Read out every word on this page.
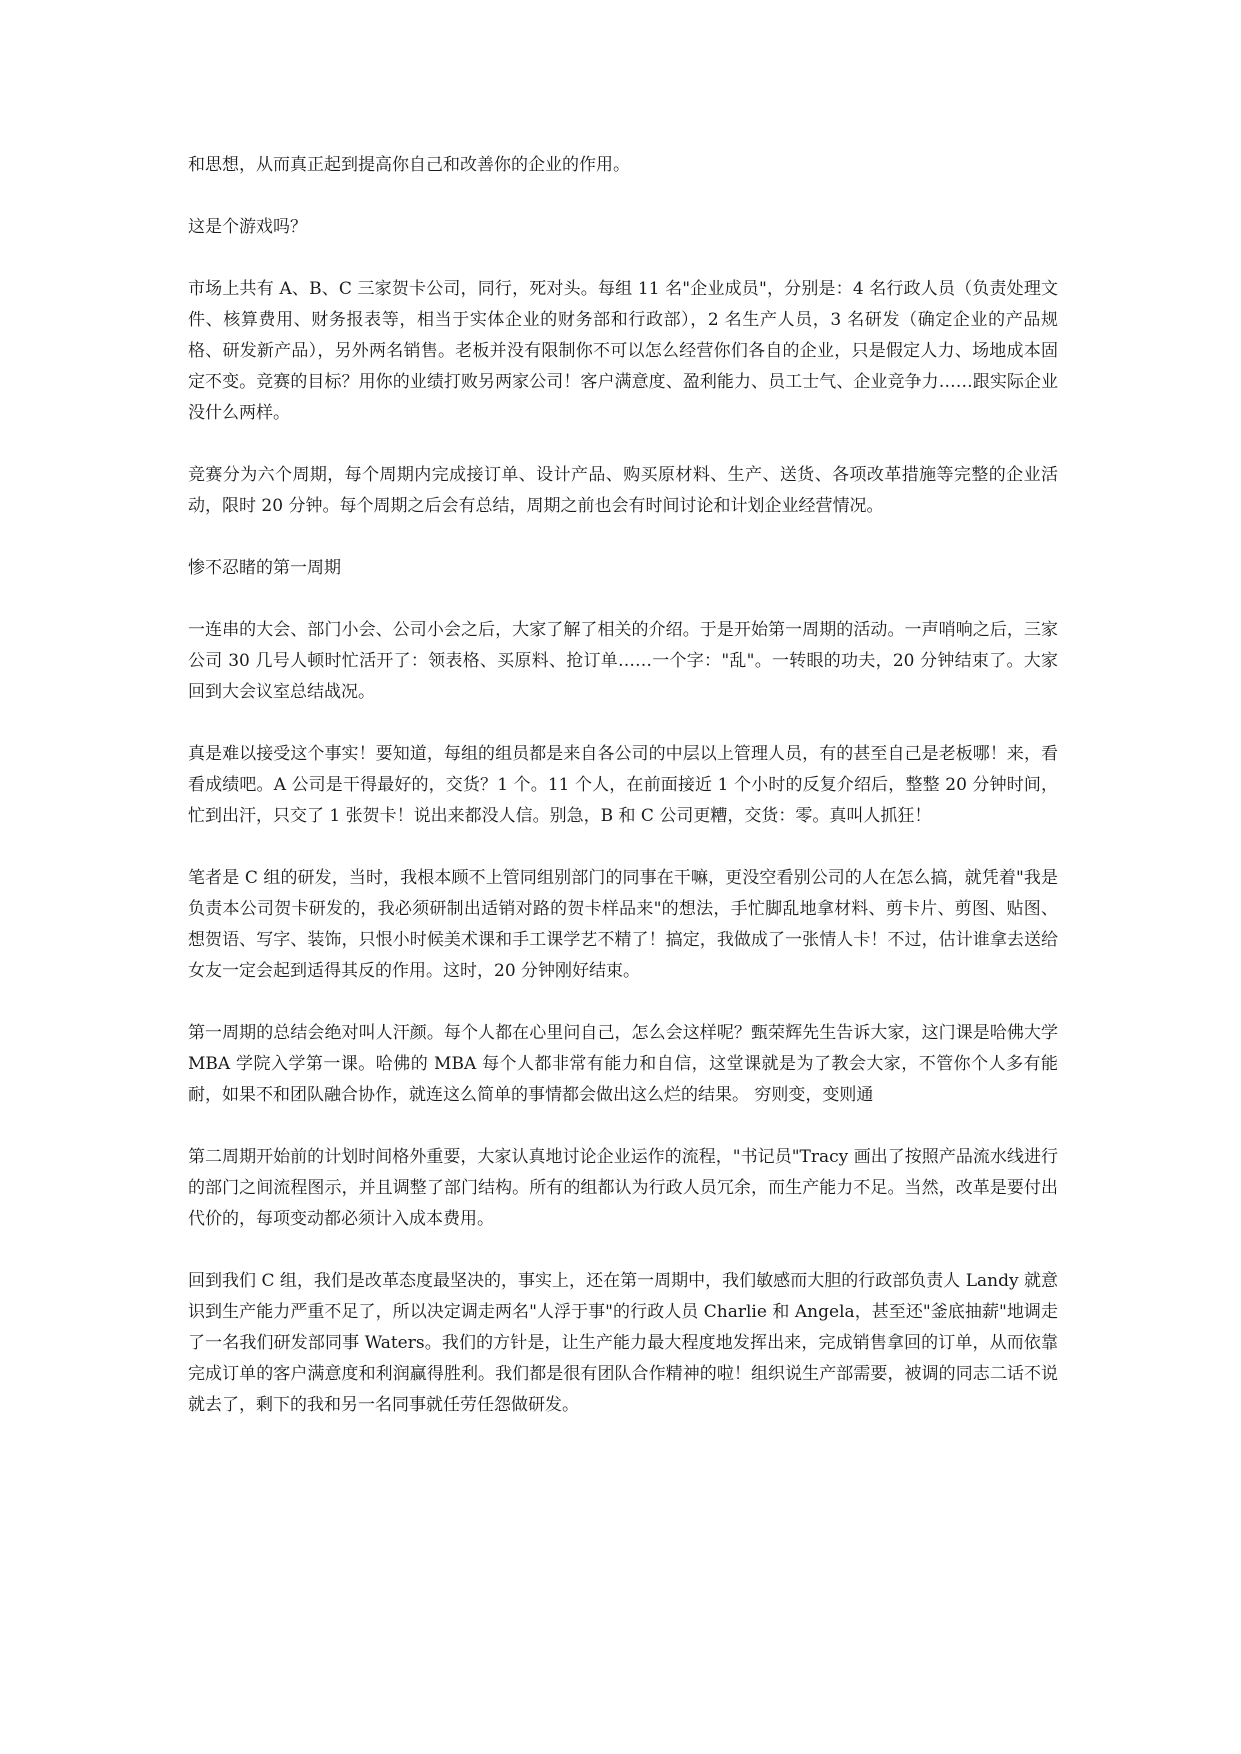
和思想，从而真正起到提高你自己和改善你的企业的作用。

这是个游戏吗？

市场上共有 A、B、C 三家贺卡公司，同行，死对头。每组 11 名"企业成员"，分别是：4 名行政人员（负责处理文件、核算费用、财务报表等，相当于实体企业的财务部和行政部），2 名生产人员，3 名研发（确定企业的产品规格、研发新产品），另外两名销售。老板并没有限制你不可以怎么经营你们各自的企业，只是假定人力、场地成本固定不变。竞赛的目标？用你的业绩打败另两家公司！客户满意度、盈利能力、员工士气、企业竞争力……跟实际企业没什么两样。

竞赛分为六个周期，每个周期内完成接订单、设计产品、购买原材料、生产、送货、各项改革措施等完整的企业活动，限时 20 分钟。每个周期之后会有总结，周期之前也会有时间讨论和计划企业经营情况。

惨不忍睹的第一周期

一连串的大会、部门小会、公司小会之后，大家了解了相关的介绍。于是开始第一周期的活动。一声哨响之后，三家公司 30 几号人顿时忙活开了：领表格、买原料、抢订单……一个字："乱"。一转眼的功夫，20 分钟结束了。大家回到大会议室总结战况。

真是难以接受这个事实！要知道，每组的组员都是来自各公司的中层以上管理人员，有的甚至自己是老板哪！来，看看成绩吧。A 公司是干得最好的，交货？1 个。11 个人，在前面接近 1 个小时的反复介绍后，整整 20 分钟时间，忙到出汗，只交了 1 张贺卡！说出来都没人信。别急，B 和 C 公司更糟，交货：零。真叫人抓狂！

笔者是 C 组的研发，当时，我根本顾不上管同组别部门的同事在干嘛，更没空看别公司的人在怎么搞，就凭着"我是负责本公司贺卡研发的，我必须研制出适销对路的贺卡样品来"的想法，手忙脚乱地拿材料、剪卡片、剪图、贴图、想贺语、写字、装饰，只恨小时候美术课和手工课学艺不精了！搞定，我做成了一张情人卡！不过，估计谁拿去送给女友一定会起到适得其反的作用。这时，20 分钟刚好结束。

第一周期的总结会绝对叫人汗颜。每个人都在心里问自己，怎么会这样呢？甄荣辉先生告诉大家，这门课是哈佛大学 MBA 学院入学第一课。哈佛的 MBA 每个人都非常有能力和自信，这堂课就是为了教会大家，不管你个人多有能耐，如果不和团队融合协作，就连这么简单的事情都会做出这么烂的结果。 穷则变，变则通

第二周期开始前的计划时间格外重要，大家认真地讨论企业运作的流程，"书记员"Tracy 画出了按照产品流水线进行的部门之间流程图示，并且调整了部门结构。所有的组都认为行政人员冗余，而生产能力不足。当然，改革是要付出代价的，每项变动都必须计入成本费用。

回到我们 C 组，我们是改革态度最坚决的，事实上，还在第一周期中，我们敏感而大胆的行政部负责人 Landy 就意识到生产能力严重不足了，所以决定调走两名"人浮于事"的行政人员 Charlie 和 Angela，甚至还"釜底抽薪"地调走了一名我们研发部同事 Waters。我们的方针是，让生产能力最大程度地发挥出来，完成销售拿回的订单，从而依靠完成订单的客户满意度和利润赢得胜利。我们都是很有团队合作精神的啦！组织说生产部需要，被调的同志二话不说就去了，剩下的我和另一名同事就任劳任怨做研发。
